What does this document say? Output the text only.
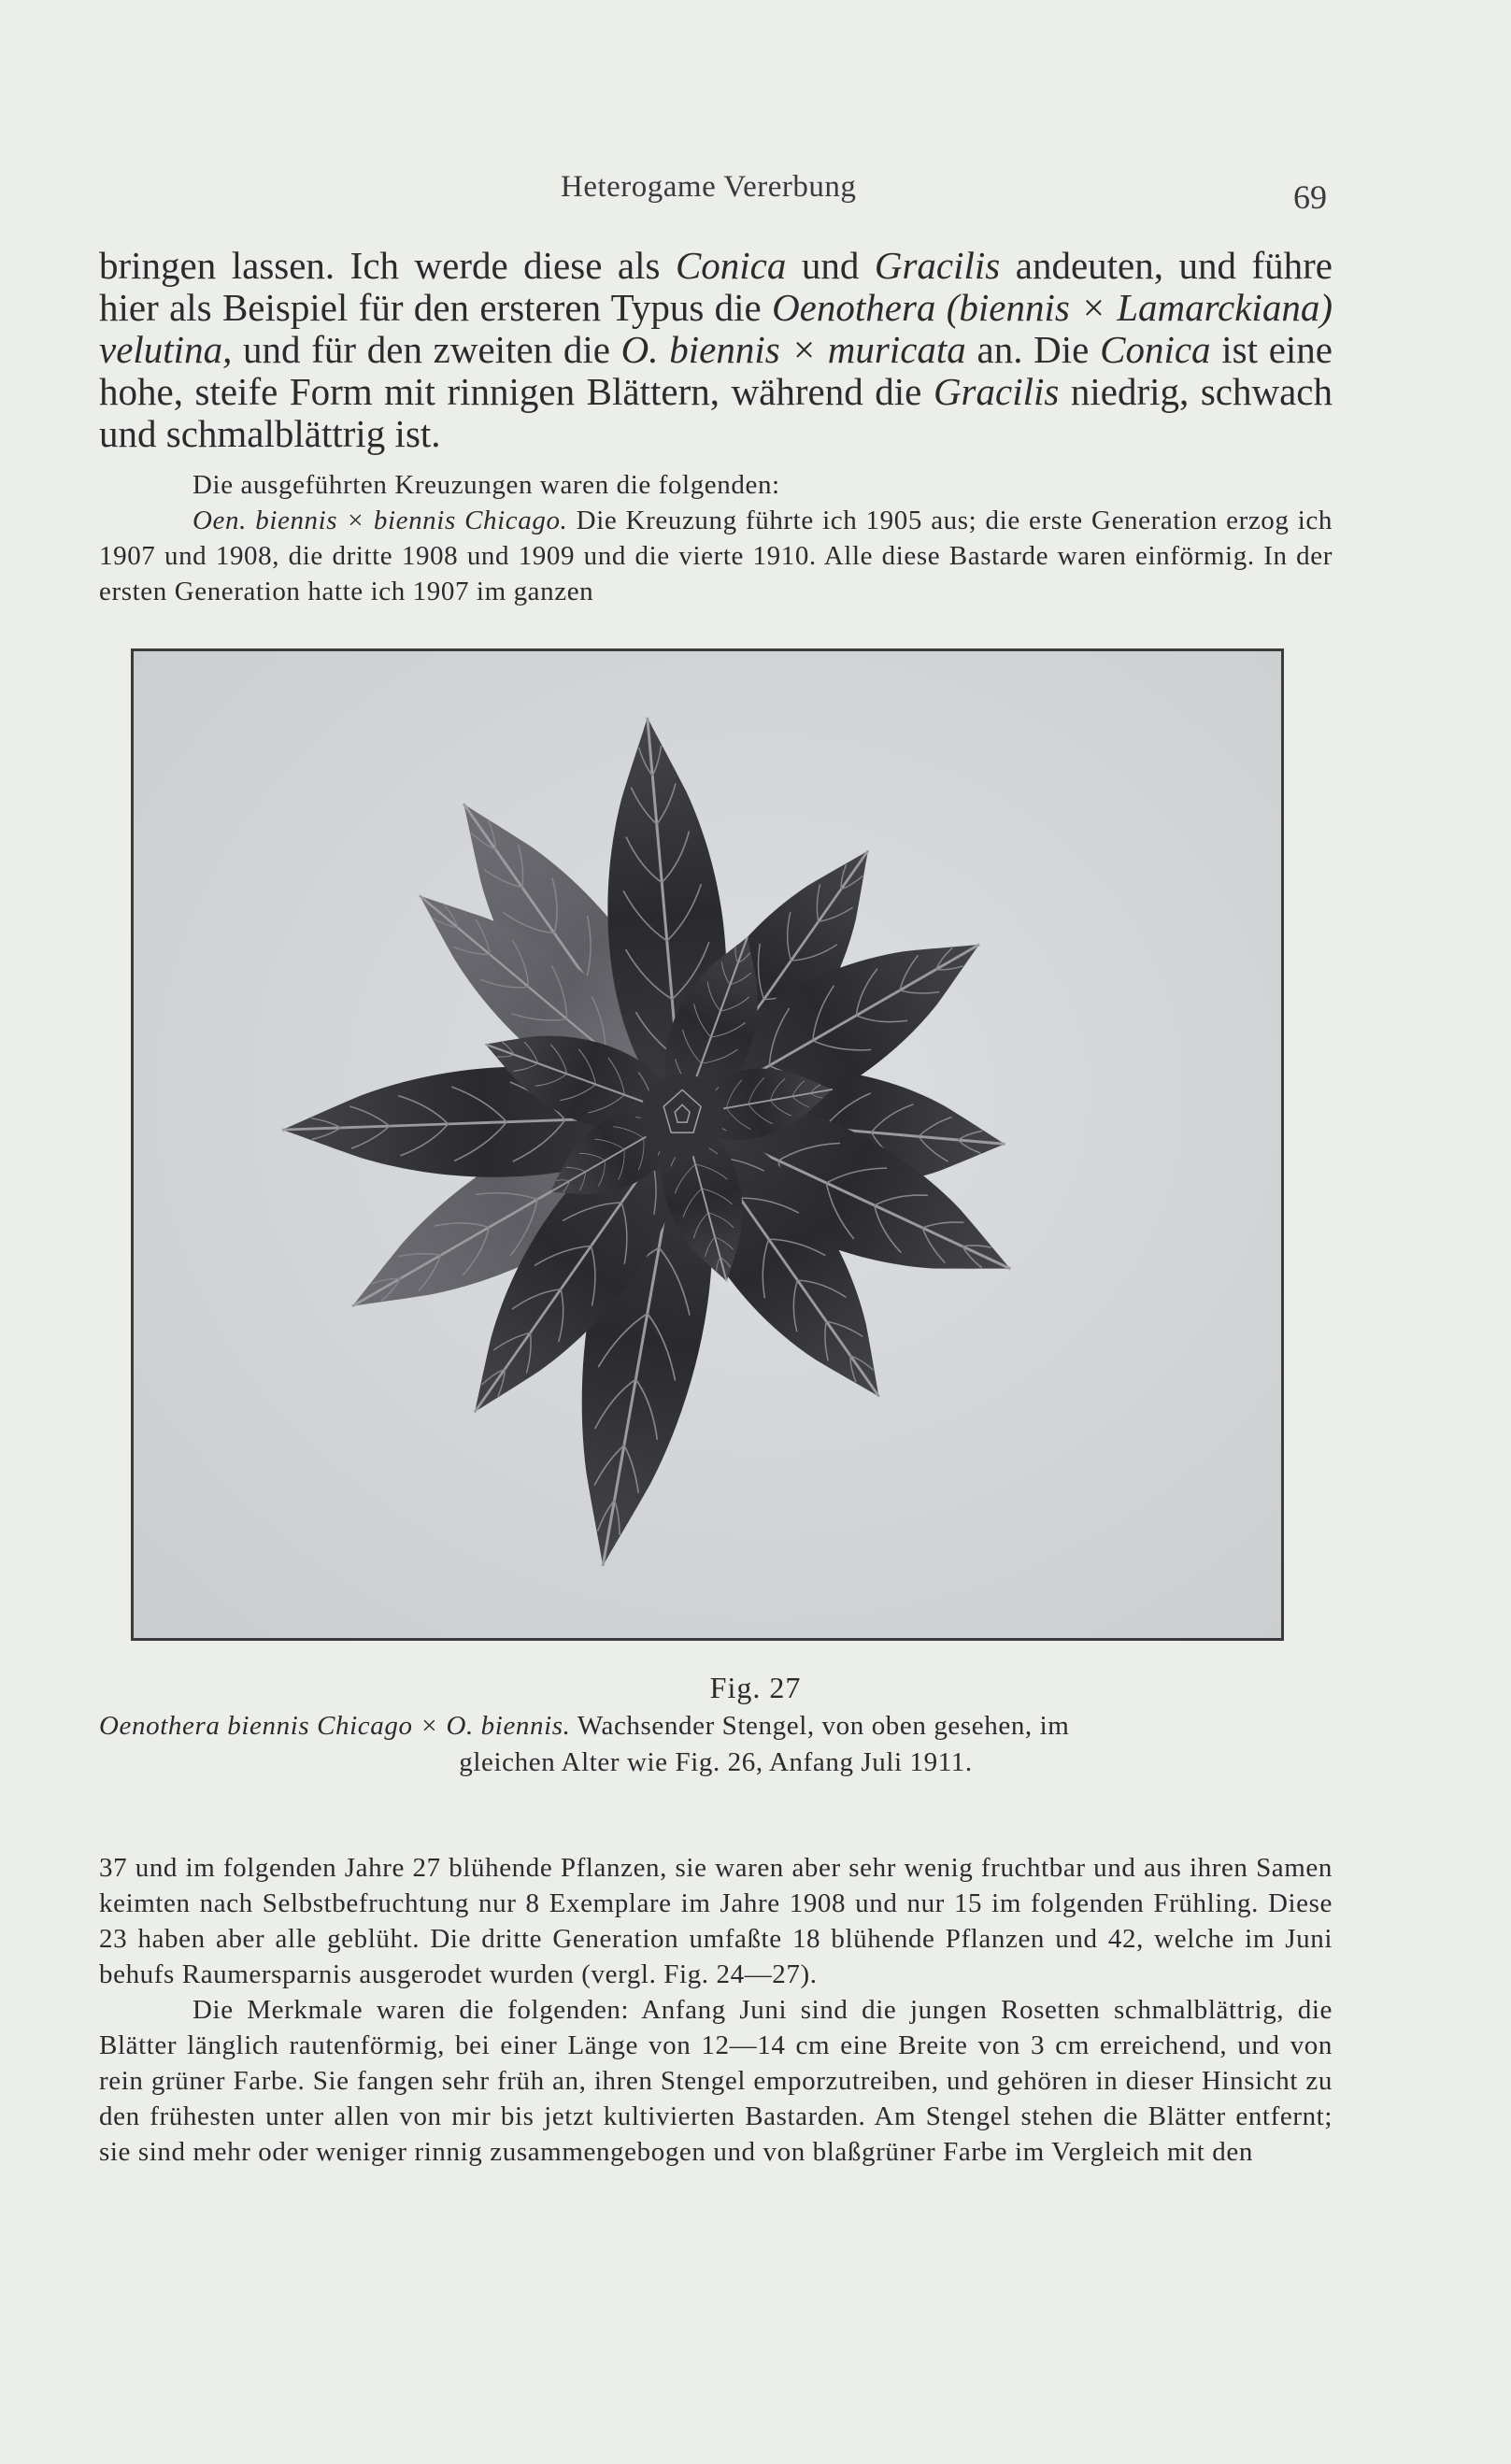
Heterogame Vererbung	69

bringen lassen. Ich werde diese als Conica und Gracilis andeuten, und führe hier als Beispiel für den ersteren Typus die Oenothera (biennis × Lamarckiana) velutina, und für den zweiten die O. biennis × muricata an. Die Conica ist eine hohe, steife Form mit rinnigen Blättern, während die Gracilis niedrig, schwach und schmalblättrig ist.

Die ausgeführten Kreuzungen waren die folgenden:

Oen. biennis × biennis Chicago. Die Kreuzung führte ich 1905 aus; die erste Generation erzog ich 1907 und 1908, die dritte 1908 und 1909 und die vierte 1910. Alle diese Bastarde waren einförmig. In der ersten Generation hatte ich 1907 im ganzen

Fig. 27
Oenothera biennis Chicago × O. biennis. Wachsender Stengel, von oben gesehen, im
gleichen Alter wie Fig. 26, Anfang Juli 1911.

37 und im folgenden Jahre 27 blühende Pflanzen, sie waren aber sehr wenig fruchtbar und aus ihren Samen keimten nach Selbstbefruchtung nur 8 Exemplare im Jahre 1908 und nur 15 im folgenden Frühling. Diese 23 haben aber alle geblüht. Die dritte Generation umfaßte 18 blühende Pflanzen und 42, welche im Juni behufs Raumersparnis ausgerodet wurden (vergl. Fig. 24—27).

Die Merkmale waren die folgenden: Anfang Juni sind die jungen Rosetten schmalblättrig, die Blätter länglich rautenförmig, bei einer Länge von 12—14 cm eine Breite von 3 cm erreichend, und von rein grüner Farbe. Sie fangen sehr früh an, ihren Stengel emporzutreiben, und gehören in dieser Hinsicht zu den frühesten unter allen von mir bis jetzt kultivierten Bastarden. Am Stengel stehen die Blätter entfernt; sie sind mehr oder weniger rinnig zusammengebogen und von blaßgrüner Farbe im Vergleich mit den
